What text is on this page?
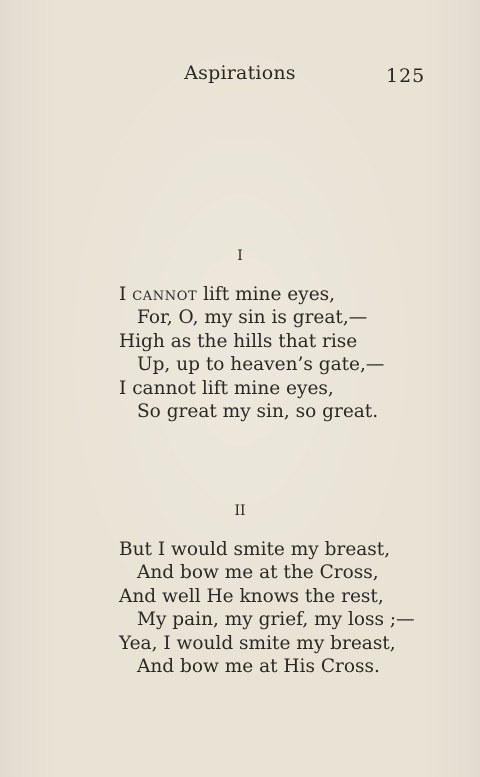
Aspirations	125
I
I cannot lift mine eyes,
For, O, my sin is great,—
High as the hills that rise
Up, up to heaven’s gate,—
I cannot lift mine eyes,
So great my sin, so great.
II
But I would smite my breast,
And bow me at the Cross,
And well He knows the rest,
My pain, my grief, my loss ;—
Yea, I would smite my breast,
And bow me at His Cross.
